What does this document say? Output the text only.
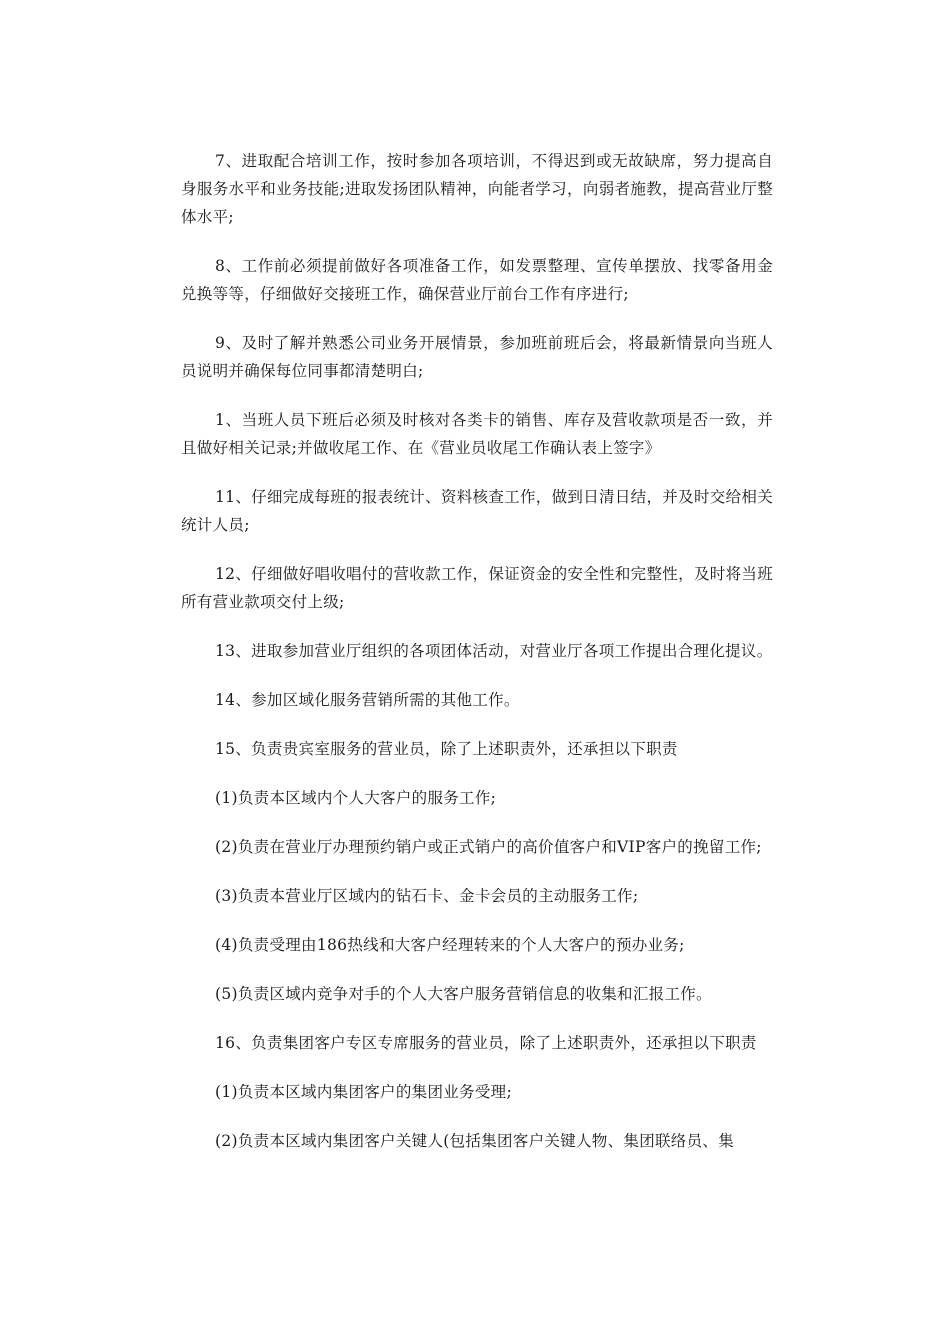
7、进取配合培训工作，按时参加各项培训，不得迟到或无故缺席，努力提高自身服务水平和业务技能;进取发扬团队精神，向能者学习，向弱者施教，提高营业厅整体水平;

8、工作前必须提前做好各项准备工作，如发票整理、宣传单摆放、找零备用金兑换等等，仔细做好交接班工作，确保营业厅前台工作有序进行;

9、及时了解并熟悉公司业务开展情景，参加班前班后会，将最新情景向当班人员说明并确保每位同事都清楚明白;

1、当班人员下班后必须及时核对各类卡的销售、库存及营收款项是否一致，并且做好相关记录;并做收尾工作、在《营业员收尾工作确认表上签字》

11、仔细完成每班的报表统计、资料核查工作，做到日清日结，并及时交给相关统计人员;

12、仔细做好唱收唱付的营收款工作，保证资金的安全性和完整性，及时将当班所有营业款项交付上级;

13、进取参加营业厅组织的各项团体活动，对营业厅各项工作提出合理化提议。

14、参加区域化服务营销所需的其他工作。

15、负责贵宾室服务的营业员，除了上述职责外，还承担以下职责

(1)负责本区域内个人大客户的服务工作;

(2)负责在营业厅办理预约销户或正式销户的高价值客户和VIP客户的挽留工作;

(3)负责本营业厅区域内的钻石卡、金卡会员的主动服务工作;

(4)负责受理由186热线和大客户经理转来的个人大客户的预办业务;

(5)负责区域内竞争对手的个人大客户服务营销信息的收集和汇报工作。

16、负责集团客户专区专席服务的营业员，除了上述职责外，还承担以下职责

(1)负责本区域内集团客户的集团业务受理;

(2)负责本区域内集团客户关键人(包括集团客户关键人物、集团联络员、集
